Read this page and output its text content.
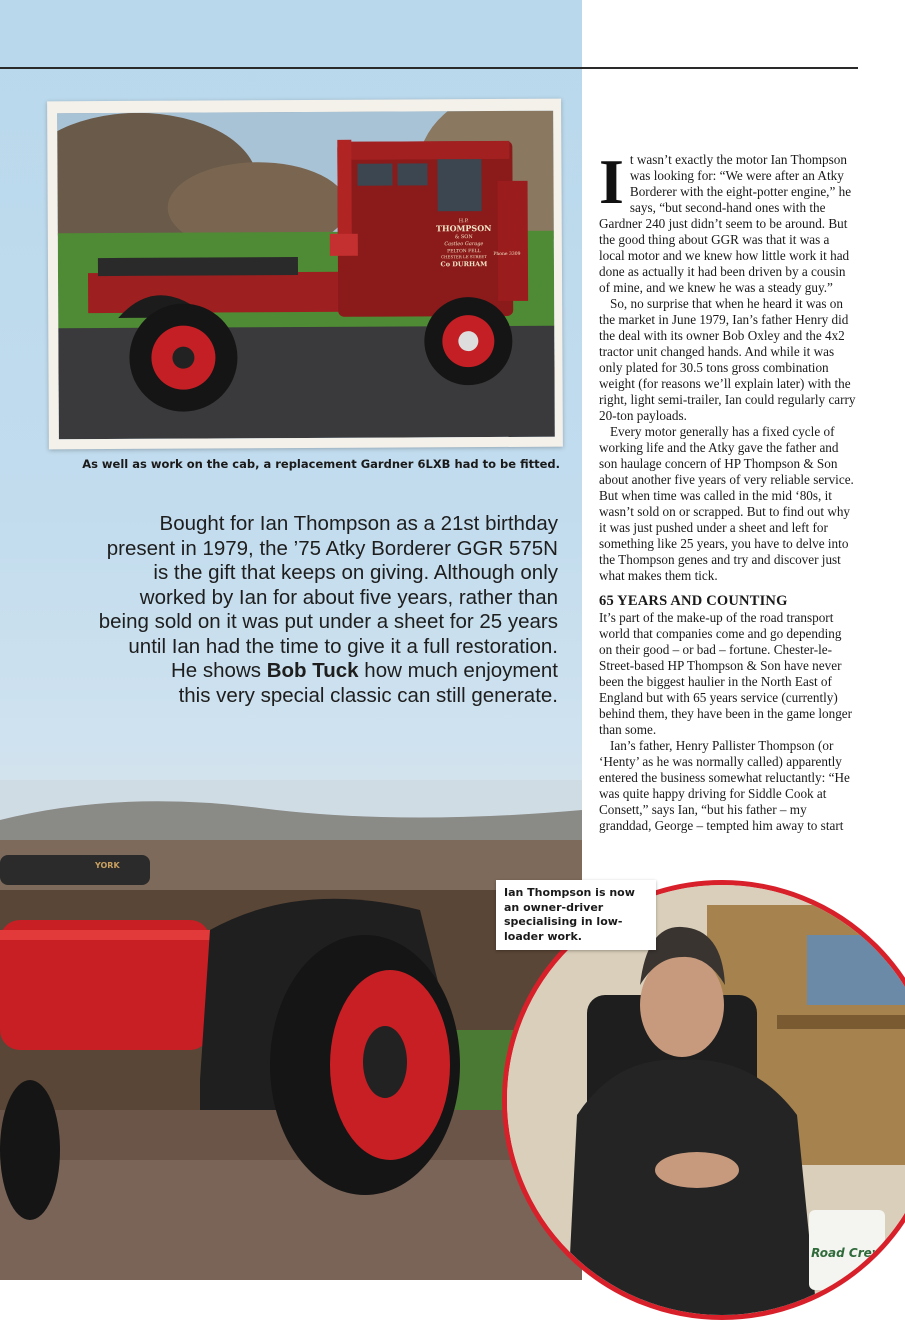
H.P.
THOMPSON
& SON
Castleo Garage
PELTON FELL
CHESTER LE STREET
Co DURHAM
Phone 3309
As well as work on the cab, a replacement Gardner 6LXB had to be fitted.
Bought for Ian Thompson as a 21st birthday
present in 1979, the ’75 Atky Borderer GGR 575N
is the gift that keeps on giving. Although only
worked by Ian for about five years, rather than
being sold on it was put under a sheet for 25 years
until Ian had the time to give it a full restoration.
He shows Bob Tuck how much enjoyment
this very special classic can still generate.
YORK

It wasn’t exactly the motor Ian Thompson was looking for: “We were after an Atky Borderer with the eight-potter engine,” he says, “but second-hand ones with the Gardner 240 just didn’t seem to be around. But the good thing about GGR was that it was a local motor and we knew how little work it had done as actually it had been driven by a cousin of mine, and we knew he was a steady guy.”

So, no surprise that when he heard it was on the market in June 1979, Ian’s father Henry did the deal with its owner Bob Oxley and the 4x2 tractor unit changed hands. And while it was only plated for 30.5 tons gross combination weight (for reasons we’ll explain later) with the right, light semi-trailer, Ian could regularly carry 20-ton payloads.

Every motor generally has a fixed cycle of working life and the Atky gave the father and son haulage concern of HP Thompson & Son about another five years of very reliable service. But when time was called in the mid ‘80s, it wasn’t sold on or scrapped. But to find out why it was just pushed under a sheet and left for something like 25 years, you have to delve into the Thompson genes and try and discover just what makes them tick.

65 YEARS AND COUNTING

It’s part of the make-up of the road transport world that companies come and go depending on their good – or bad – fortune. Chester-le-Street-based HP Thompson & Son have never been the biggest haulier in the North East of England but with 65 years service (currently) behind them, they have been in the game longer than some.

Ian’s father, Henry Pallister Thompson (or ‘Henty’ as he was normally called) apparently entered the business somewhat reluctantly: “He was quite happy driving for Siddle Cook at Consett,” says Ian, “but his father – my granddad, George – tempted him away to start

Road Crew
Ian Thompson is now an owner-driver specialising in low-loader work.
